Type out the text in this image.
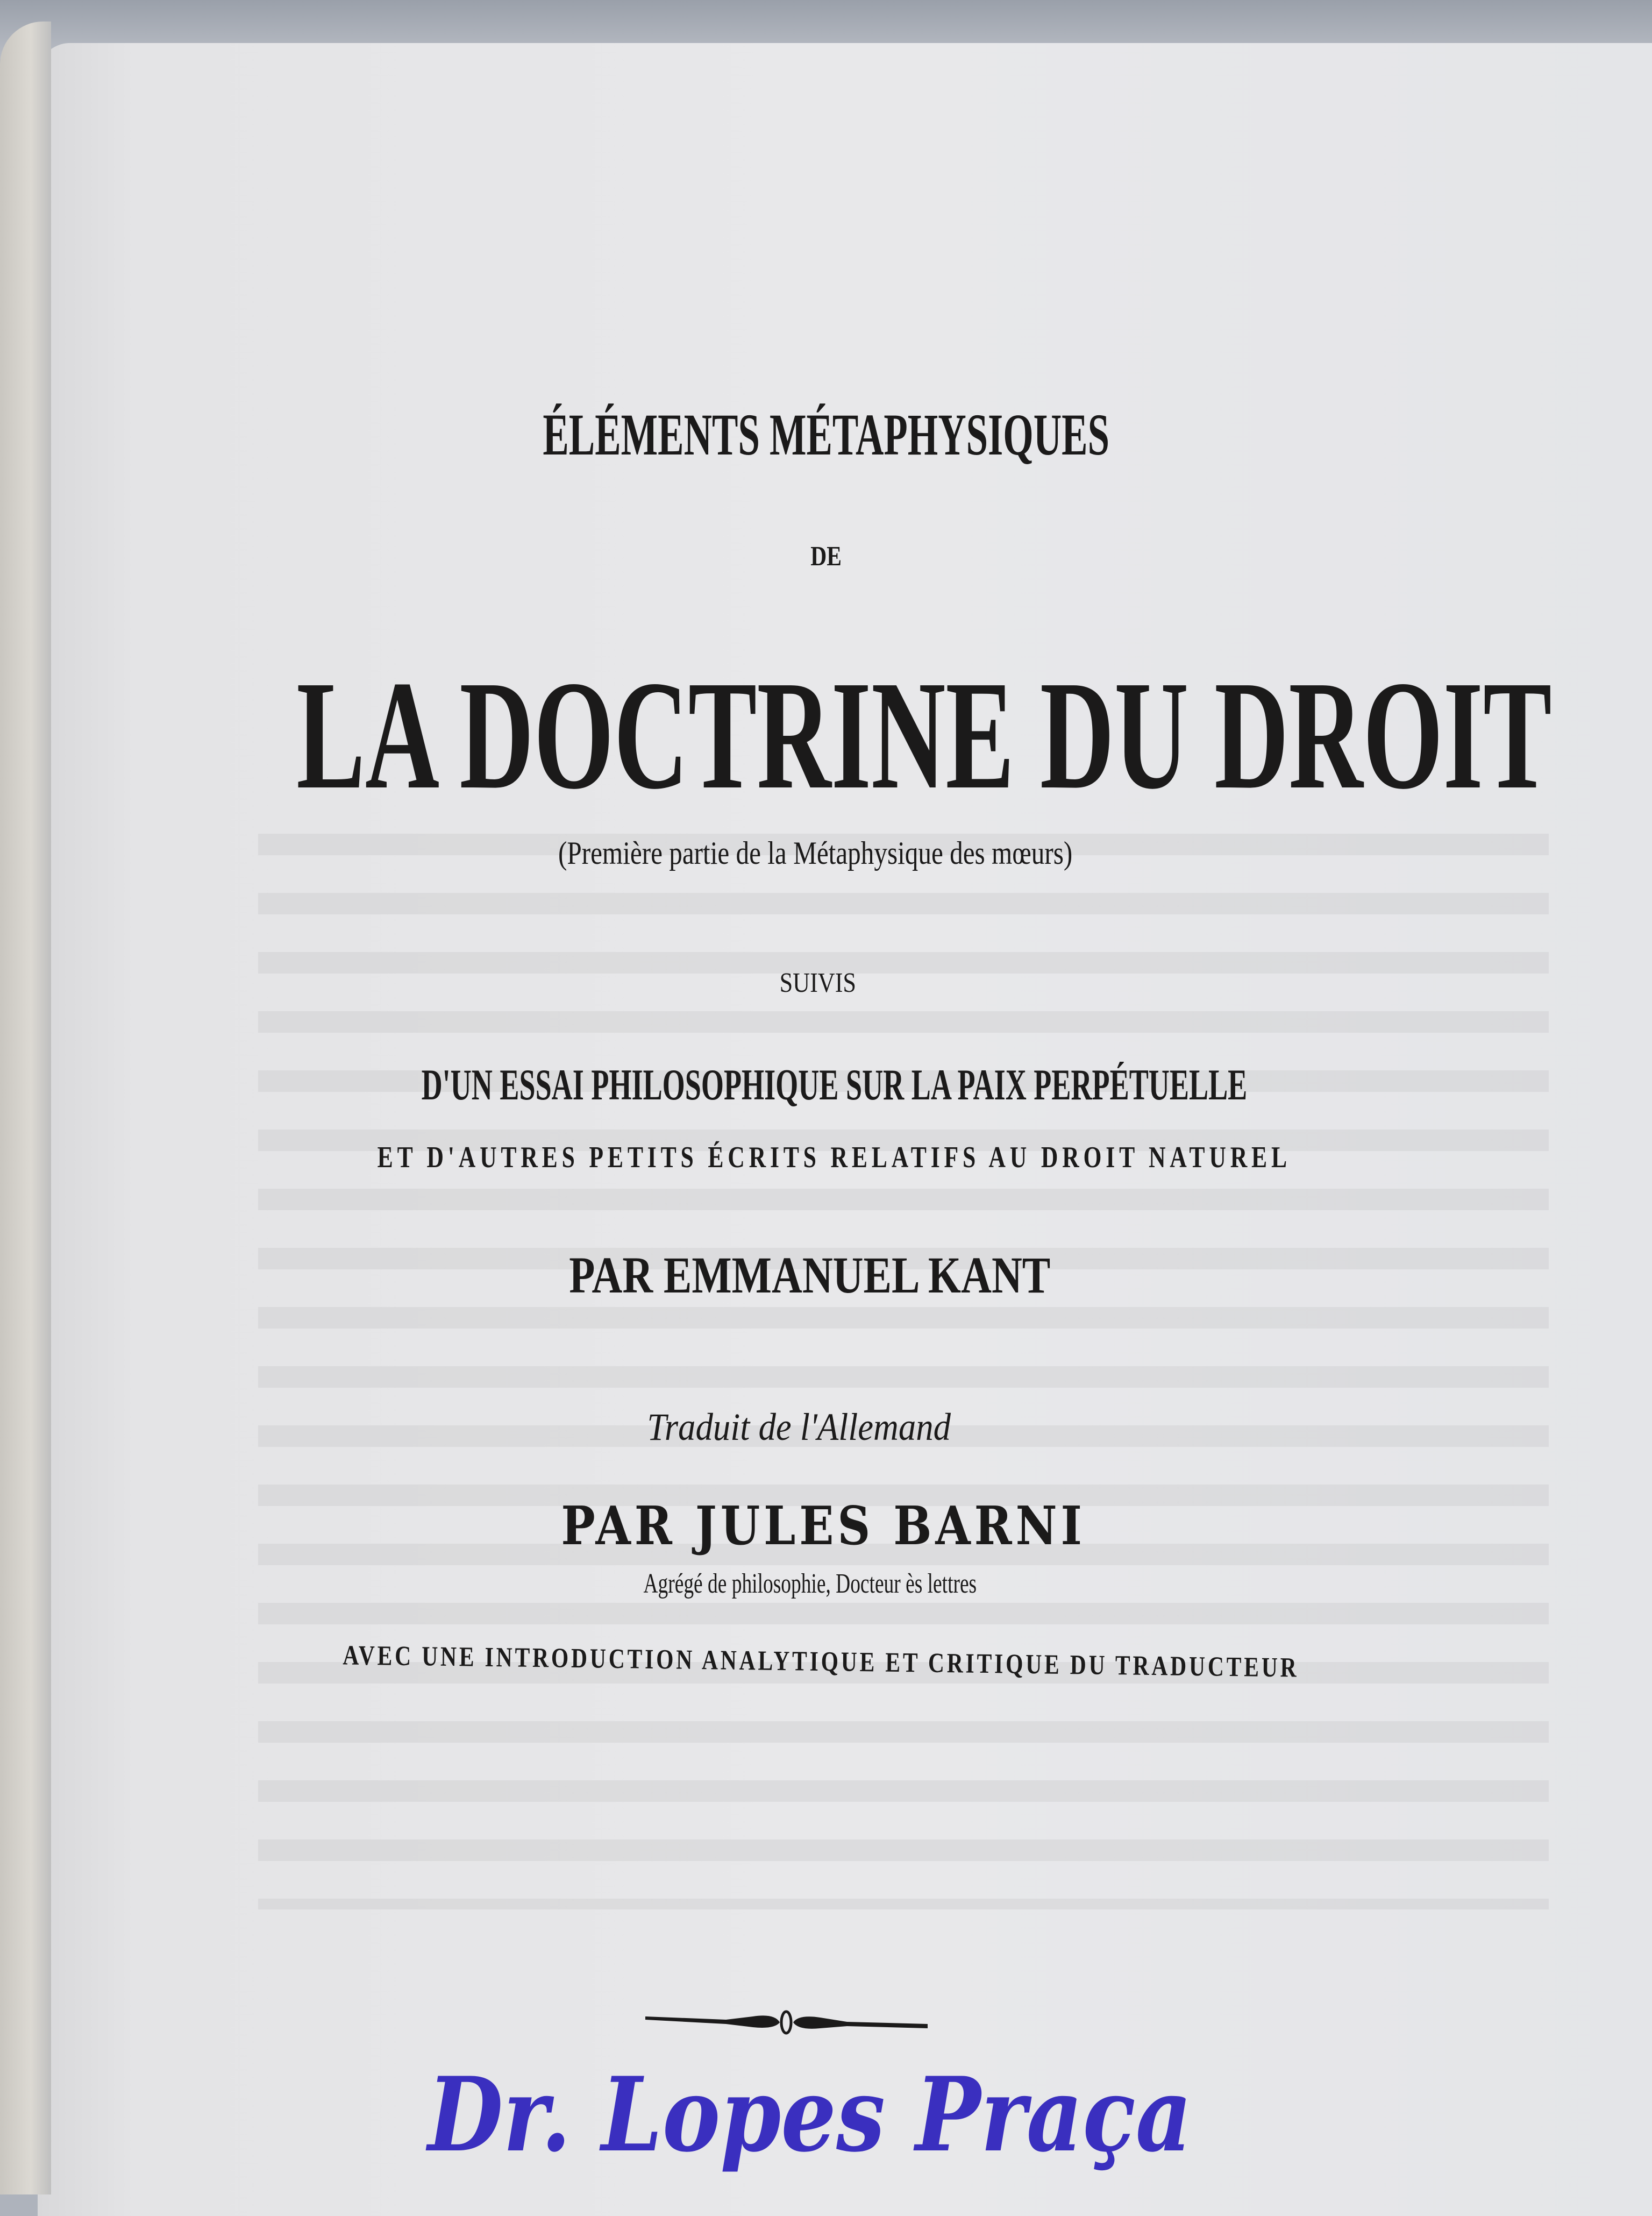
ÉLÉMENTS MÉTAPHYSIQUES
DE
LA DOCTRINE DU DROIT
(Première partie de la Métaphysique des mœurs)
SUIVIS
D'UN ESSAI PHILOSOPHIQUE SUR LA PAIX PERPÉTUELLE
ET D'AUTRES PETITS ÉCRITS RELATIFS AU DROIT NATUREL
PAR EMMANUEL KANT
Traduit de l'Allemand
PAR JULES BARNI
Agrégé de philosophie, Docteur ès lettres
AVEC UNE INTRODUCTION ANALYTIQUE ET CRITIQUE DU TRADUCTEUR
Dr. Lopes Praça
